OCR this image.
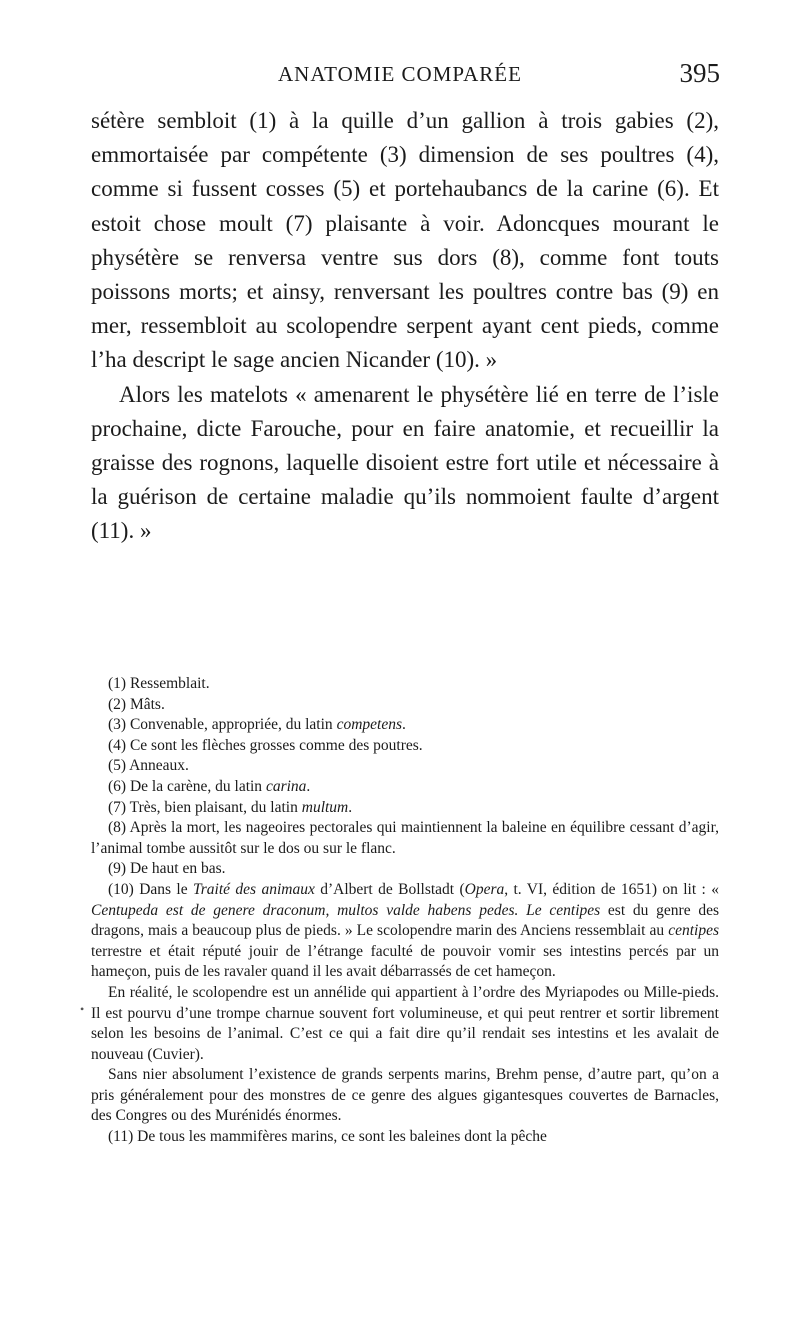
ANATOMIE COMPARÉE	395

sétère sembloit (1) à la quille d’un gallion à trois gabies (2), emmortaisée par compétente (3) dimension de ses poultres (4), comme si fussent cosses (5) et portehaubancs de la carine (6). Et estoit chose moult (7) plaisante à voir. Adoncques mourant le physétère se renversa ventre sus dors (8), comme font touts poissons morts; et ainsy, renversant les poultres contre bas (9) en mer, ressembloit au scolopendre serpent ayant cent pieds, comme l’ha descript le sage ancien Nicander (10). »

Alors les matelots « amenarent le physétère lié en terre de l’isle prochaine, dicte Farouche, pour en faire anatomie, et recueillir la graisse des rognons, laquelle disoient estre fort utile et nécessaire à la guérison de certaine maladie qu’ils nommoient faulte d’argent (11). »

•

(1) Ressemblait.

(2) Mâts.

(3) Convenable, appropriée, du latin competens.

(4) Ce sont les flèches grosses comme des poutres.

(5) Anneaux.

(6) De la carène, du latin carina.

(7) Très, bien plaisant, du latin multum.

(8) Après la mort, les nageoires pectorales qui maintiennent la baleine en équilibre cessant d’agir, l’animal tombe aussitôt sur le dos ou sur le flanc.

(9) De haut en bas.

(10) Dans le Traité des animaux d’Albert de Bollstadt (Opera, t. VI, édition de 1651) on lit : « Centupeda est de genere draconum, multos valde habens pedes. Le centipes est du genre des dragons, mais a beaucoup plus de pieds. » Le scolopendre marin des Anciens ressemblait au centipes terrestre et était réputé jouir de l’étrange faculté de pouvoir vomir ses intestins percés par un hameçon, puis de les ravaler quand il les avait débarrassés de cet hameçon.

En réalité, le scolopendre est un annélide qui appartient à l’ordre des Myriapodes ou Mille-pieds. Il est pourvu d’une trompe charnue souvent fort volumineuse, et qui peut rentrer et sortir librement selon les besoins de l’animal. C’est ce qui a fait dire qu’il rendait ses intestins et les avalait de nouveau (Cuvier).

Sans nier absolument l’existence de grands serpents marins, Brehm pense, d’autre part, qu’on a pris généralement pour des monstres de ce genre des algues gigantesques couvertes de Barnacles, des Congres ou des Murénidés énormes.

(11) De tous les mammifères marins, ce sont les baleines dont la pêche
